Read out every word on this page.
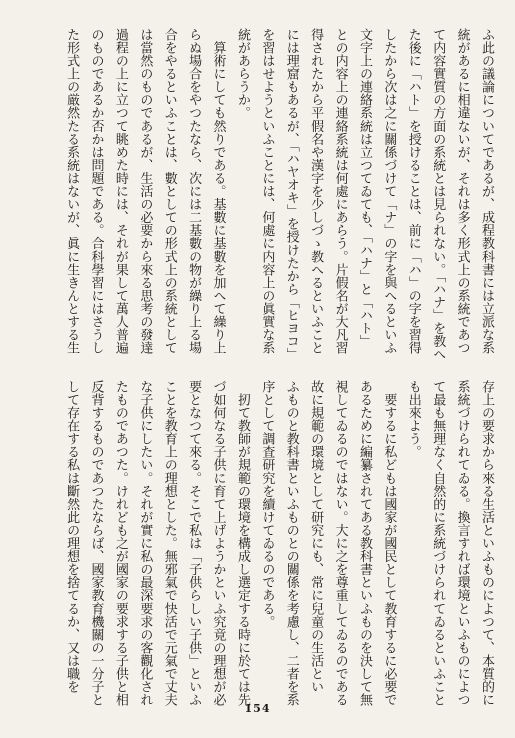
ふ此の議論についてであるが、成程教科書には立派な系
統があるに相違ないが、それは多く形式上の系統であつ
て内容實質の方面の系統とは見られない。「ハナ」を教へ
た後に「ハト」を授けることは、前に「ハ」の字を習得
したから次は之に關係づけて「ナ」の字を與へるといふ
文字上の連絡系統は立つてゐても、「ハナ」と「ハト」
との内容上の連絡系統は何處にあらう。片假名が大凡習
得されたから平假名や漢字を少しづゝ教へるといふこと
には理窟もあるが、「ハヤオキ」を授けたから「ヒヨコ」
を習はせようといふことには、何處に内容上の眞實な系
統があらうか。
　算術にしても然りである。基數に基數を加へて繰り上
らぬ場合をやつたなら、次には二基數の物が繰り上る場
合をやるといふことは、數としての形式上の系統として
は當然のものであるが、生活の必要から來る思考の發達
過程の上に立つて眺めた時には、それが果して萬人普遍
のものであるか否かは問題である。合科學習にはさうし
た形式上の厳然たる系統はないが、眞に生きんとする生
存上の要求から來る生活といふものによつて、本質的に
系統づけられてゐる。換言すれば環境といふものによつ
て最も無理なく自然的に系統づけられてゐるといふこと
も出來よう。
　要するに私どもは國家が國民として教育するに必要で
あるために編纂されてある教科書といふものを決して無
視してゐるのではない。大に之を尊重してゐるのである
故に規範の環境として研究にも、常に兒童の生活とい
ふものと教科書といふものとの關係を考慮し、二者を系
序として調査研究を續けてゐるのである。
　扨て教師が規範の環境を構成し選定する時に於ては先
づ如何なる子供に育て上げようかといふ究竟の理想が必
要となつて來る。そこで私は「子供らしい子供」といふ
ことを教育上の理想とした。無邪氣で快活で元氣で丈夫
な子供にしたい。それが實に私の最深要求の客觀化され
たものであつた。けれども之が國家の要求する子供と相
反背するものであつたならば、國家教育機關の一分子と
して存在する私は斷然此の理想を捨てるか、又は職を
154
